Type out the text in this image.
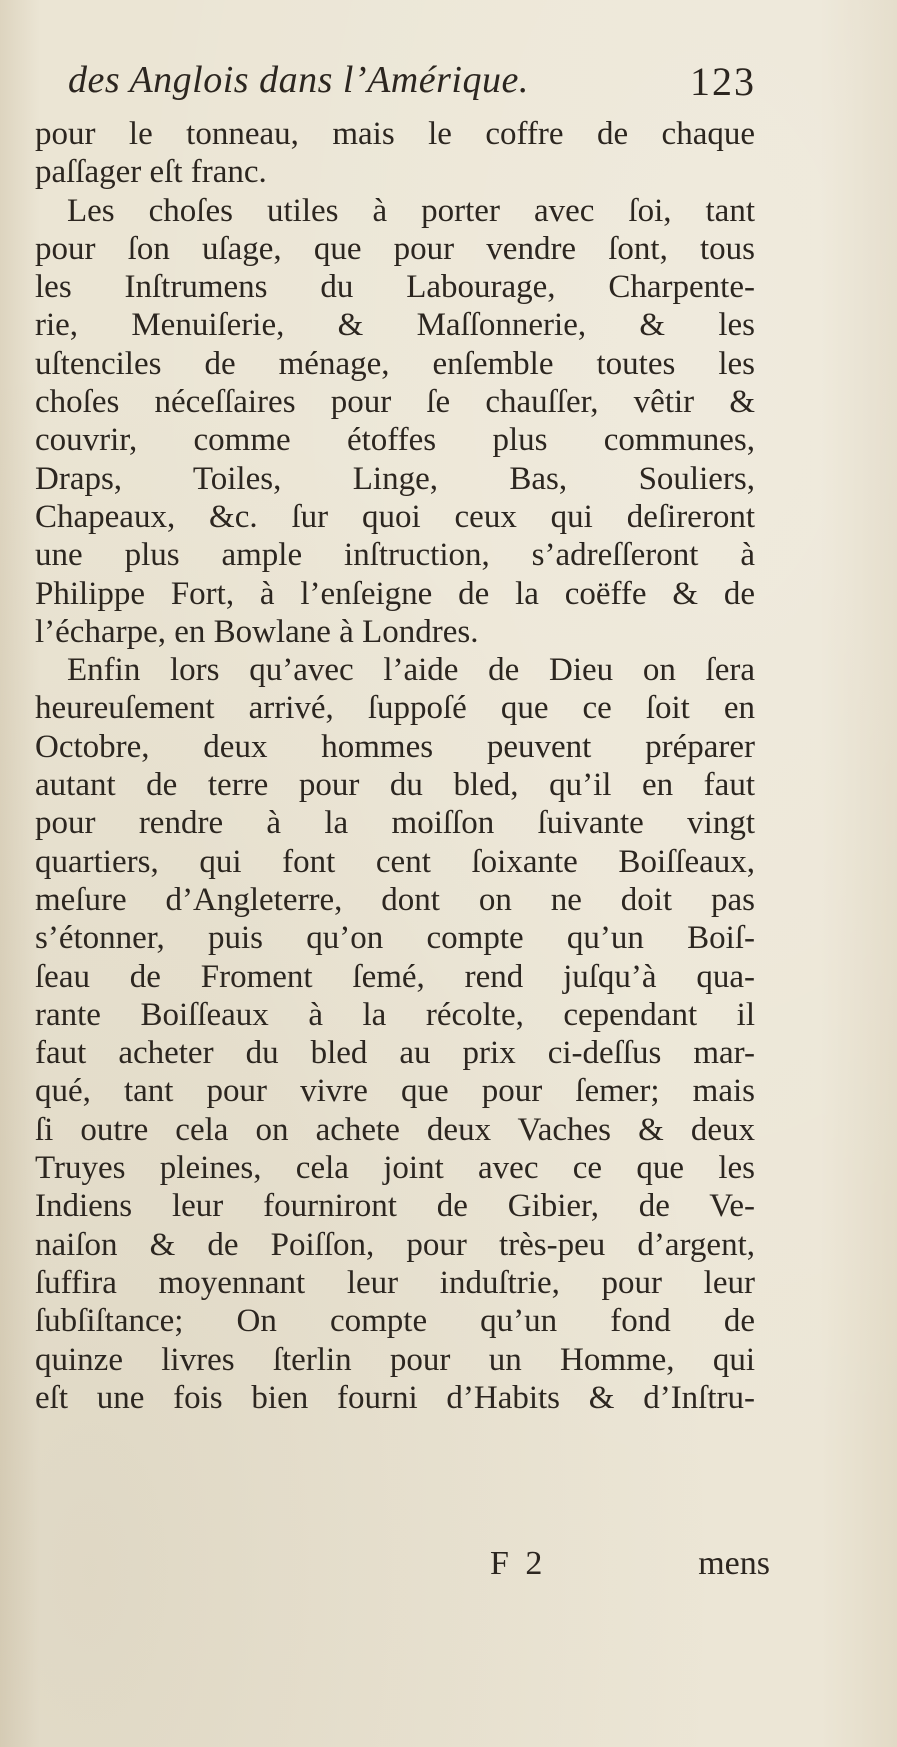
des Anglois dans l’Amérique.	123
pour le tonneau, mais le coffre de chaque
paſſager eſt franc.
Les choſes utiles à porter avec ſoi, tant
pour ſon uſage, que pour vendre ſont, tous
les Inſtrumens du Labourage, Charpente-
rie, Menuiſerie, & Maſſonnerie, & les
uſtenciles de ménage, enſemble toutes les
choſes néceſſaires pour ſe chauſſer, vêtir &
couvrir, comme étoffes plus communes,
Draps, Toiles, Linge, Bas, Souliers,
Chapeaux, &c. ſur quoi ceux qui deſireront
une plus ample inſtruction, s’adreſſeront à
Philippe Fort, à l’enſeigne de la coëffe & de
l’écharpe, en Bowlane à Londres.
Enfin lors qu’avec l’aide de Dieu on ſera
heureuſement arrivé, ſuppoſé que ce ſoit en
Octobre, deux hommes peuvent préparer
autant de terre pour du bled, qu’il en faut
pour rendre à la moiſſon ſuivante vingt
quartiers, qui font cent ſoixante Boiſſeaux,
meſure d’Angleterre, dont on ne doit pas
s’étonner, puis qu’on compte qu’un Boiſ-
ſeau de Froment ſemé, rend juſqu’à qua-
rante Boiſſeaux à la récolte, cependant il
faut acheter du bled au prix ci-deſſus mar-
qué, tant pour vivre que pour ſemer; mais
ſi outre cela on achete deux Vaches & deux
Truyes pleines, cela joint avec ce que les
Indiens leur fourniront de Gibier, de Ve-
naiſon & de Poiſſon, pour très-peu d’argent,
ſuffira moyennant leur induſtrie, pour leur
ſubſiſtance; On compte qu’un fond de
quinze livres ſterlin pour un Homme, qui
eſt une fois bien fourni d’Habits & d’Inſtru-
F 2	mens
